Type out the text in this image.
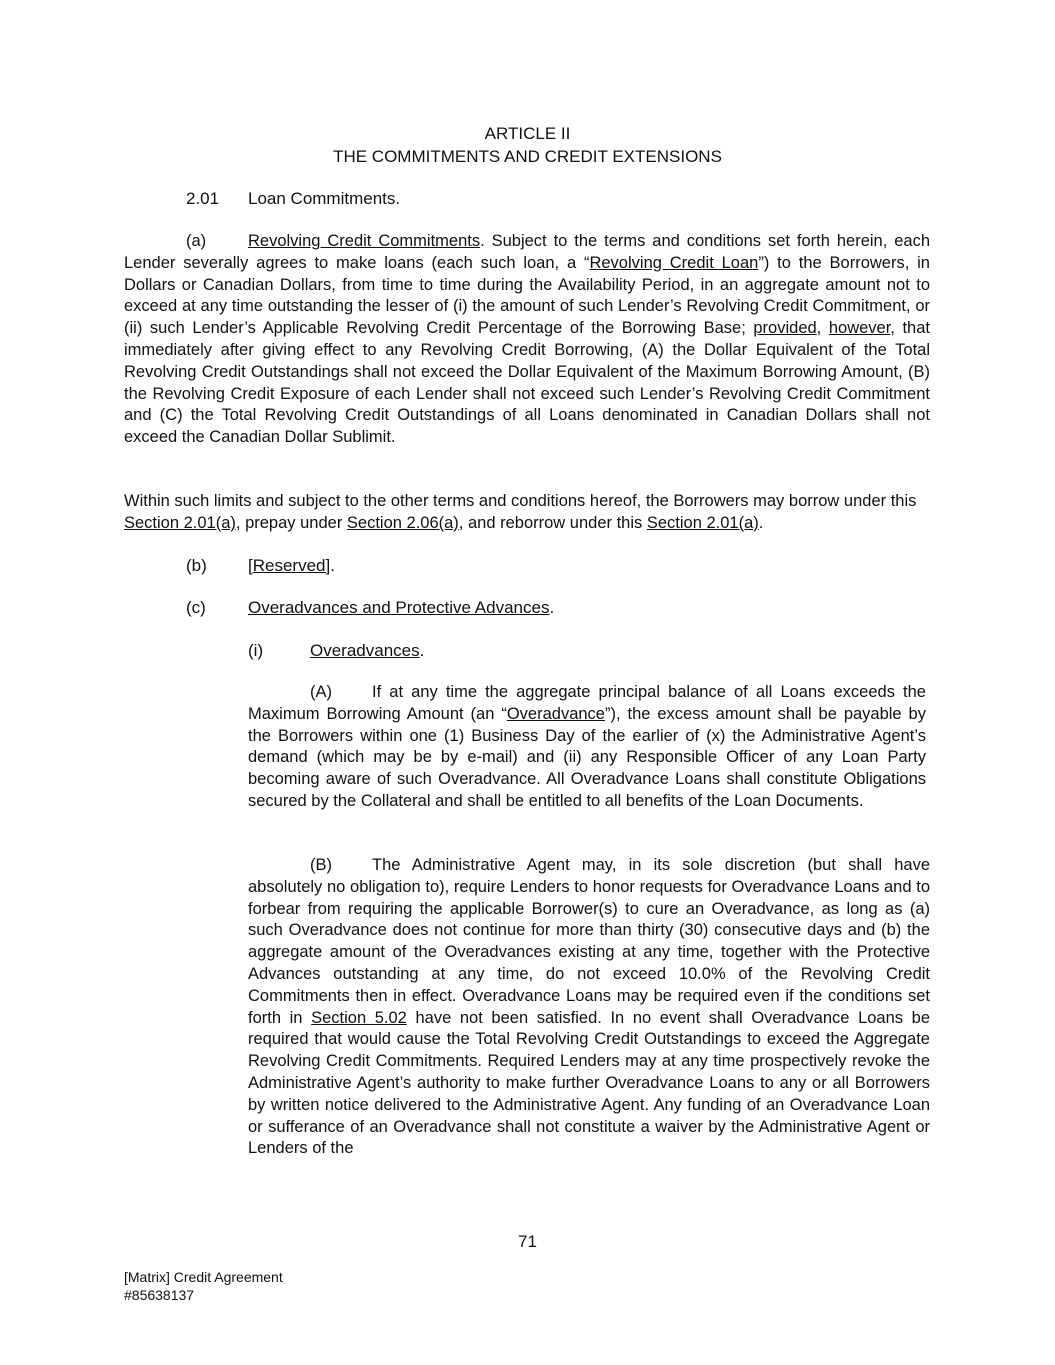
ARTICLE II
THE COMMITMENTS AND CREDIT EXTENSIONS
2.01 Loan Commitments.
(a)	Revolving Credit Commitments. Subject to the terms and conditions set forth herein, each Lender severally agrees to make loans (each such loan, a “Revolving Credit Loan”) to the Borrowers, in Dollars or Canadian Dollars, from time to time during the Availability Period, in an aggregate amount not to exceed at any time outstanding the lesser of (i) the amount of such Lender’s Revolving Credit Commitment, or (ii) such Lender’s Applicable Revolving Credit Percentage of the Borrowing Base; provided, however, that immediately after giving effect to any Revolving Credit Borrowing, (A) the Dollar Equivalent of the Total Revolving Credit Outstandings shall not exceed the Dollar Equivalent of the Maximum Borrowing Amount, (B) the Revolving Credit Exposure of each Lender shall not exceed such Lender’s Revolving Credit Commitment and (C) the Total Revolving Credit Outstandings of all Loans denominated in Canadian Dollars shall not exceed the Canadian Dollar Sublimit.
Within such limits and subject to the other terms and conditions hereof, the Borrowers may borrow under this Section 2.01(a), prepay under Section 2.06(a), and reborrow under this Section 2.01(a).
(b) [Reserved].
(c) Overadvances and Protective Advances.
(i)	Overadvances.
(A) If at any time the aggregate principal balance of all Loans exceeds the Maximum Borrowing Amount (an “Overadvance”), the excess amount shall be payable by the Borrowers within one (1) Business Day of the earlier of (x) the Administrative Agent’s demand (which may be by e-mail) and (ii) any Responsible Officer of any Loan Party becoming aware of such Overadvance. All Overadvance Loans shall constitute Obligations secured by the Collateral and shall be entitled to all benefits of the Loan Documents.
(B) The Administrative Agent may, in its sole discretion (but shall have absolutely no obligation to), require Lenders to honor requests for Overadvance Loans and to forbear from requiring the applicable Borrower(s) to cure an Overadvance, as long as (a) such Overadvance does not continue for more than thirty (30) consecutive days and (b) the aggregate amount of the Overadvances existing at any time, together with the Protective Advances outstanding at any time, do not exceed 10.0% of the Revolving Credit Commitments then in effect. Overadvance Loans may be required even if the conditions set forth in Section 5.02 have not been satisfied. In no event shall Overadvance Loans be required that would cause the Total Revolving Credit Outstandings to exceed the Aggregate Revolving Credit Commitments. Required Lenders may at any time prospectively revoke the Administrative Agent’s authority to make further Overadvance Loans to any or all Borrowers by written notice delivered to the Administrative Agent. Any funding of an Overadvance Loan or sufferance of an Overadvance shall not constitute a waiver by the Administrative Agent or Lenders of the
71
[Matrix] Credit Agreement
#85638137
